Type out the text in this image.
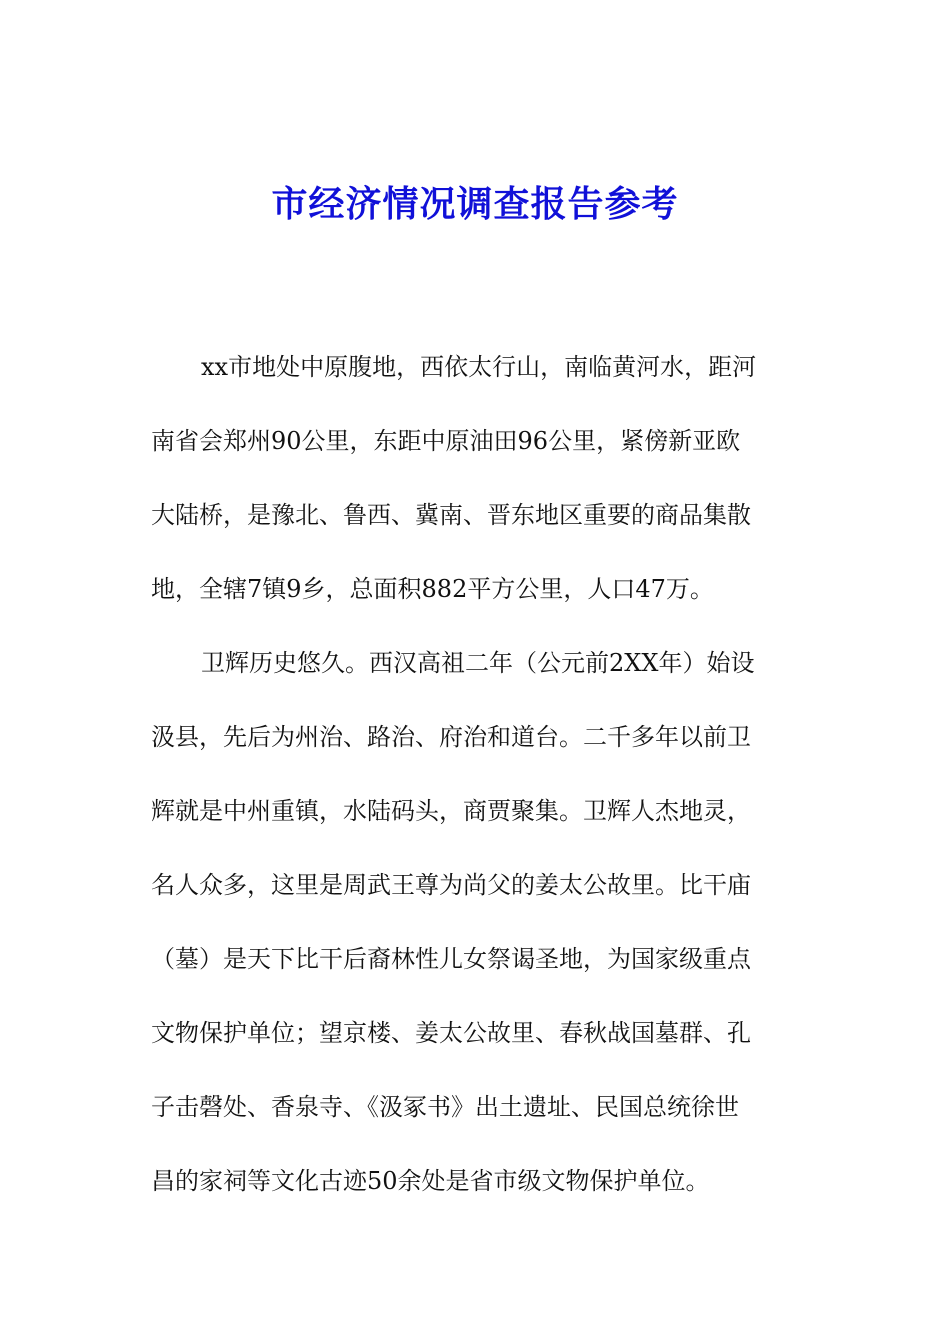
市经济情况调查报告参考
xx市地处中原腹地，西依太行山，南临黄河水，距河
南省会郑州90公里，东距中原油田96公里，紧傍新亚欧
大陆桥，是豫北、鲁西、冀南、晋东地区重要的商品集散
地，全辖7镇9乡，总面积882平方公里，人口47万。
卫辉历史悠久。西汉高祖二年（公元前2XX年）始设
汲县，先后为州治、路治、府治和道台。二千多年以前卫
辉就是中州重镇，水陆码头，商贾聚集。卫辉人杰地灵，
名人众多，这里是周武王尊为尚父的姜太公故里。比干庙
（墓）是天下比干后裔林性儿女祭谒圣地，为国家级重点
文物保护单位；望京楼、姜太公故里、春秋战国墓群、孔
子击磬处、香泉寺、《汲冢书》出土遗址、民国总统徐世
昌的家祠等文化古迹50余处是省市级文物保护单位。
